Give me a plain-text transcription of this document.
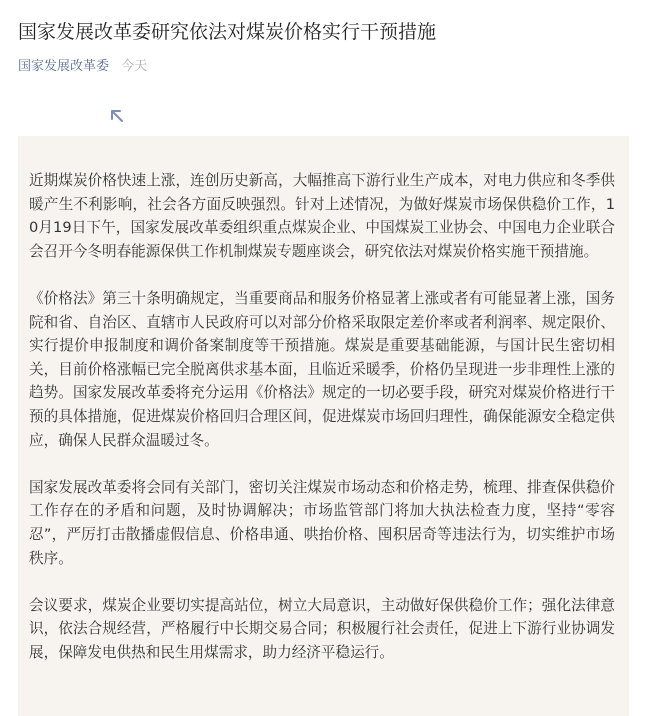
国家发展改革委研究依法对煤炭价格实行干预措施
国家发展改革委 今天

近期煤炭价格快速上涨，连创历史新高，大幅推高下游行业生产成本，对电力供应和冬季供暖产生不利影响，社会各方面反映强烈。针对上述情况，为做好煤炭市场保供稳价工作，10月19日下午，国家发展改革委组织重点煤炭企业、中国煤炭工业协会、中国电力企业联合会召开今冬明春能源保供工作机制煤炭专题座谈会，研究依法对煤炭价格实施干预措施。

《价格法》第三十条明确规定，当重要商品和服务价格显著上涨或者有可能显著上涨，国务院和省、自治区、直辖市人民政府可以对部分价格采取限定差价率或者利润率、规定限价、实行提价申报制度和调价备案制度等干预措施。煤炭是重要基础能源，与国计民生密切相关，目前价格涨幅已完全脱离供求基本面，且临近采暖季，价格仍呈现进一步非理性上涨的趋势。国家发展改革委将充分运用《价格法》规定的一切必要手段，研究对煤炭价格进行干预的具体措施，促进煤炭价格回归合理区间，促进煤炭市场回归理性，确保能源安全稳定供应，确保人民群众温暖过冬。

国家发展改革委将会同有关部门，密切关注煤炭市场动态和价格走势，梳理、排查保供稳价工作存在的矛盾和问题，及时协调解决；市场监管部门将加大执法检查力度，坚持“零容忍”，严厉打击散播虚假信息、价格串通、哄抬价格、囤积居奇等违法行为，切实维护市场秩序。

会议要求，煤炭企业要切实提高站位，树立大局意识，主动做好保供稳价工作；强化法律意识，依法合规经营，严格履行中长期交易合同；积极履行社会责任，促进上下游行业协调发展，保障发电供热和民生用煤需求，助力经济平稳运行。
